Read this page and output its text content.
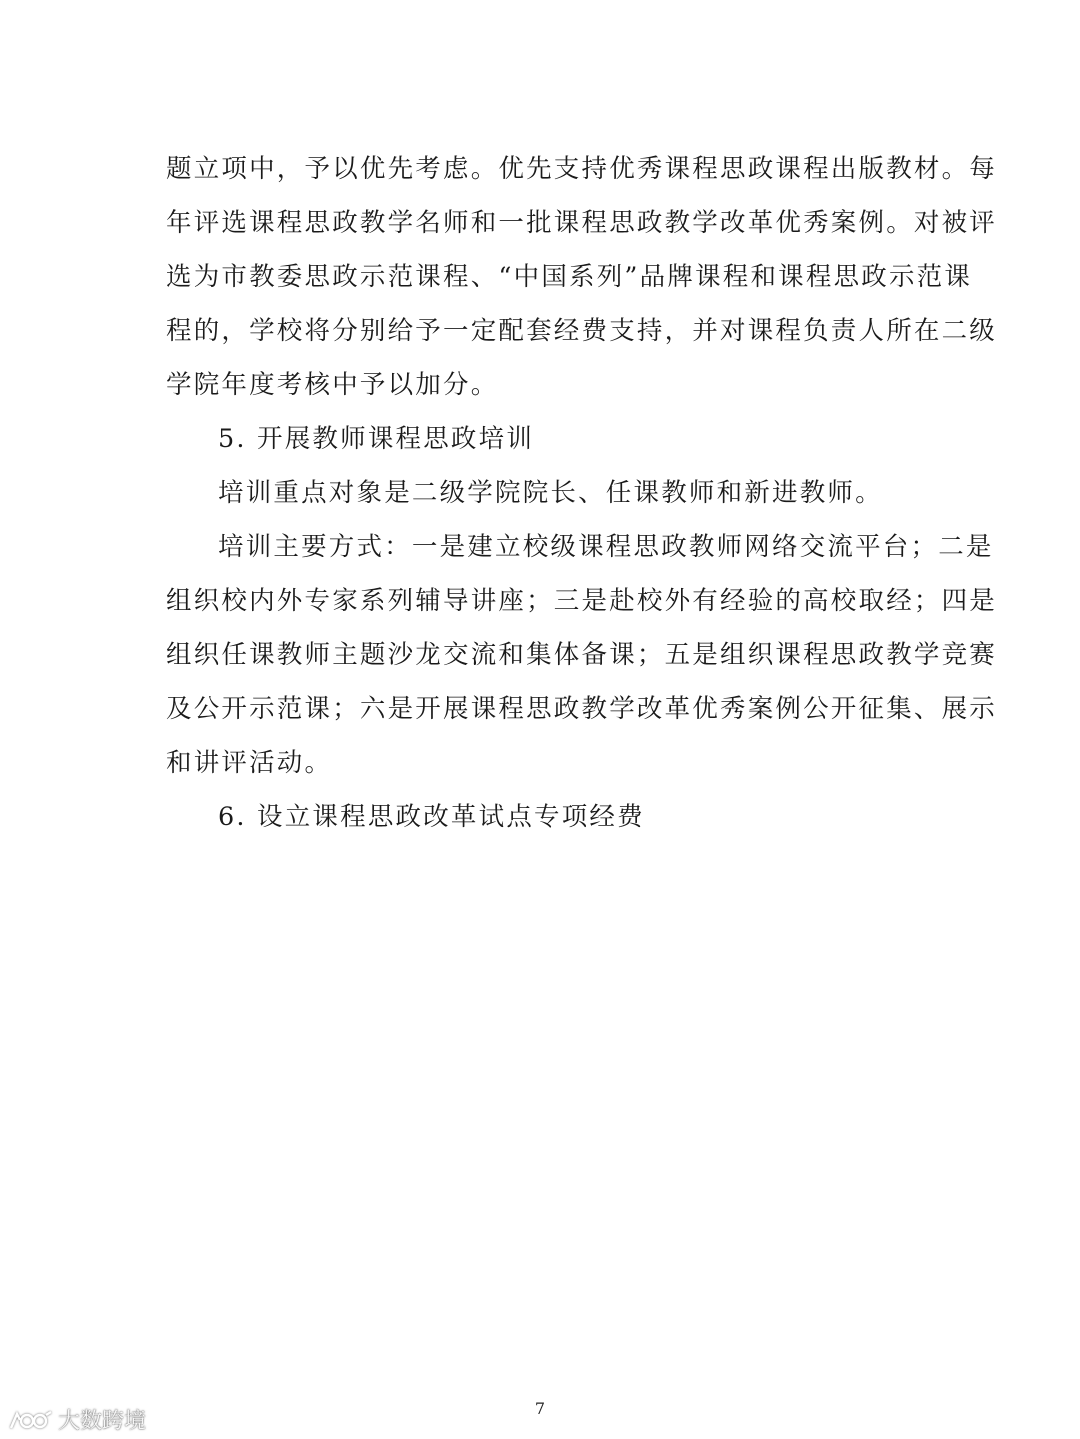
题立项中，予以优先考虑。优先支持优秀课程思政课程出版教材。每
年评选课程思政教学名师和一批课程思政教学改革优秀案例。对被评
选为市教委思政示范课程、“中国系列”品牌课程和课程思政示范课
程的，学校将分别给予一定配套经费支持，并对课程负责人所在二级
学院年度考核中予以加分。
5. 开展教师课程思政培训
培训重点对象是二级学院院长、任课教师和新进教师。
培训主要方式：一是建立校级课程思政教师网络交流平台；二是
组织校内外专家系列辅导讲座；三是赴校外有经验的高校取经；四是
组织任课教师主题沙龙交流和集体备课；五是组织课程思政教学竞赛
及公开示范课；六是开展课程思政教学改革优秀案例公开征集、展示
和讲评活动。
6. 设立课程思政改革试点专项经费
7
大数跨境
